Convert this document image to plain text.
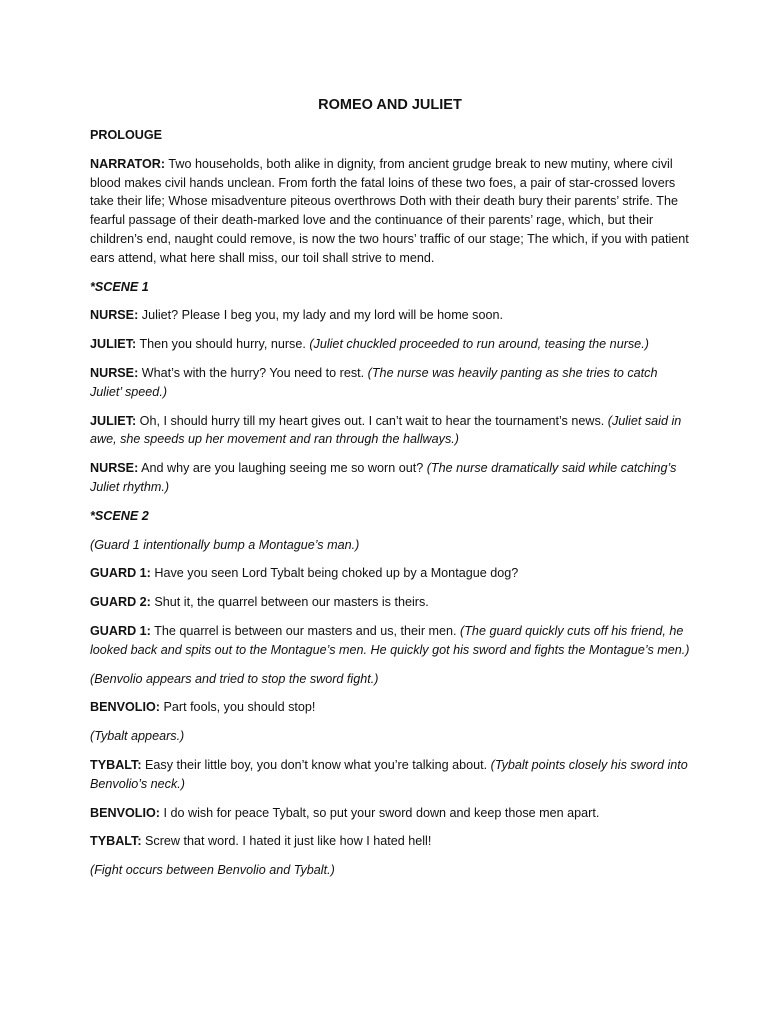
ROMEO AND JULIET
PROLOUGE
NARRATOR: Two households, both alike in dignity, from ancient grudge break to new mutiny, where civil blood makes civil hands unclean. From forth the fatal loins of these two foes, a pair of star-crossed lovers take their life; Whose misadventure piteous overthrows Doth with their death bury their parents’ strife. The fearful passage of their death-marked love and the continuance of their parents’ rage, which, but their children’s end, naught could remove, is now the two hours’ traffic of our stage; The which, if you with patient ears attend, what here shall miss, our toil shall strive to mend.
*SCENE 1
NURSE: Juliet? Please I beg you, my lady and my lord will be home soon.
JULIET: Then you should hurry, nurse. (Juliet chuckled proceeded to run around, teasing the nurse.)
NURSE: What’s with the hurry? You need to rest. (The nurse was heavily panting as she tries to catch Juliet’ speed.)
JULIET: Oh, I should hurry till my heart gives out. I can’t wait to hear the tournament’s news. (Juliet said in awe, she speeds up her movement and ran through the hallways.)
NURSE: And why are you laughing seeing me so worn out? (The nurse dramatically said while catching’s Juliet rhythm.)
*SCENE 2
(Guard 1 intentionally bump a Montague’s man.)
GUARD 1: Have you seen Lord Tybalt being choked up by a Montague dog?
GUARD 2: Shut it, the quarrel between our masters is theirs.
GUARD 1: The quarrel is between our masters and us, their men. (The guard quickly cuts off his friend, he looked back and spits out to the Montague’s men. He quickly got his sword and fights the Montague’s men.)
(Benvolio appears and tried to stop the sword fight.)
BENVOLIO: Part fools, you should stop!
(Tybalt appears.)
TYBALT: Easy their little boy, you don’t know what you’re talking about. (Tybalt points closely his sword into Benvolio’s neck.)
BENVOLIO: I do wish for peace Tybalt, so put your sword down and keep those men apart.
TYBALT: Screw that word. I hated it just like how I hated hell!
(Fight occurs between Benvolio and Tybalt.)
